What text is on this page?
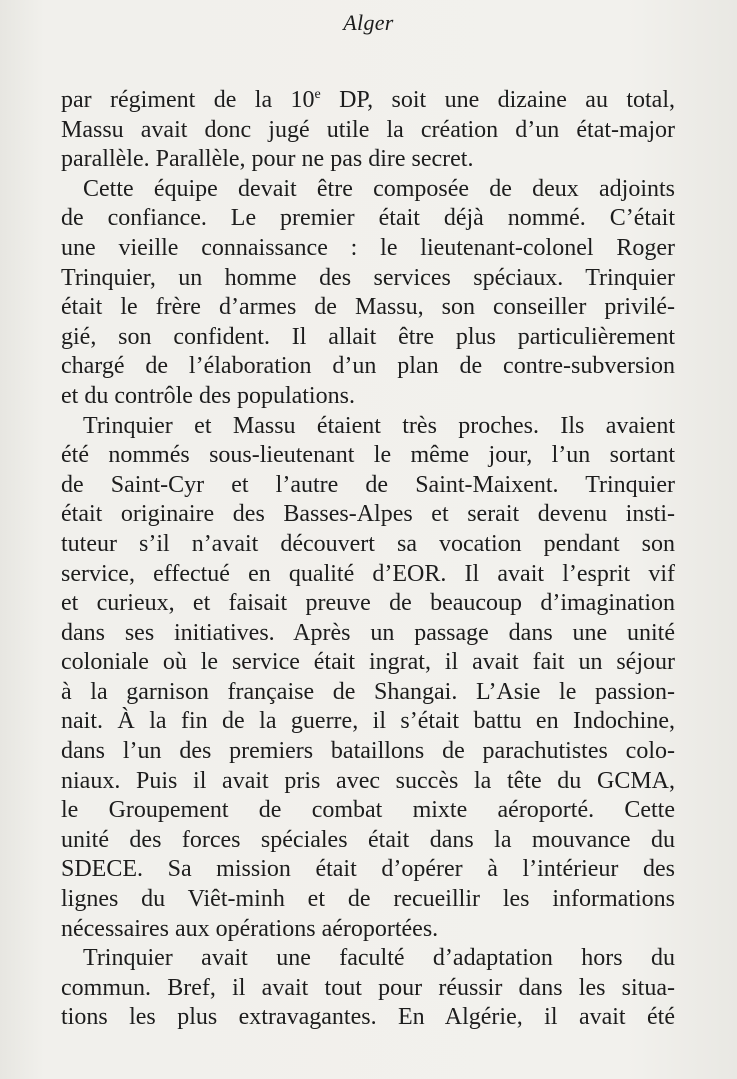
Alger
par régiment de la 10e DP, soit une dizaine au total,
Massu avait donc jugé utile la création d’un état-major
parallèle. Parallèle, pour ne pas dire secret.
Cette équipe devait être composée de deux adjoints
de confiance. Le premier était déjà nommé. C’était
une vieille connaissance : le lieutenant-colonel Roger
Trinquier, un homme des services spéciaux. Trinquier
était le frère d’armes de Massu, son conseiller privilé-
gié, son confident. Il allait être plus particulièrement
chargé de l’élaboration d’un plan de contre-subversion
et du contrôle des populations.
Trinquier et Massu étaient très proches. Ils avaient
été nommés sous-lieutenant le même jour, l’un sortant
de Saint-Cyr et l’autre de Saint-Maixent. Trinquier
était originaire des Basses-Alpes et serait devenu insti-
tuteur s’il n’avait découvert sa vocation pendant son
service, effectué en qualité d’EOR. Il avait l’esprit vif
et curieux, et faisait preuve de beaucoup d’imagination
dans ses initiatives. Après un passage dans une unité
coloniale où le service était ingrat, il avait fait un séjour
à la garnison française de Shangai. L’Asie le passion-
nait. À la fin de la guerre, il s’était battu en Indochine,
dans l’un des premiers bataillons de parachutistes colo-
niaux. Puis il avait pris avec succès la tête du GCMA,
le Groupement de combat mixte aéroporté. Cette
unité des forces spéciales était dans la mouvance du
SDECE. Sa mission était d’opérer à l’intérieur des
lignes du Viêt-minh et de recueillir les informations
nécessaires aux opérations aéroportées.
Trinquier avait une faculté d’adaptation hors du
commun. Bref, il avait tout pour réussir dans les situa-
tions les plus extravagantes. En Algérie, il avait été
